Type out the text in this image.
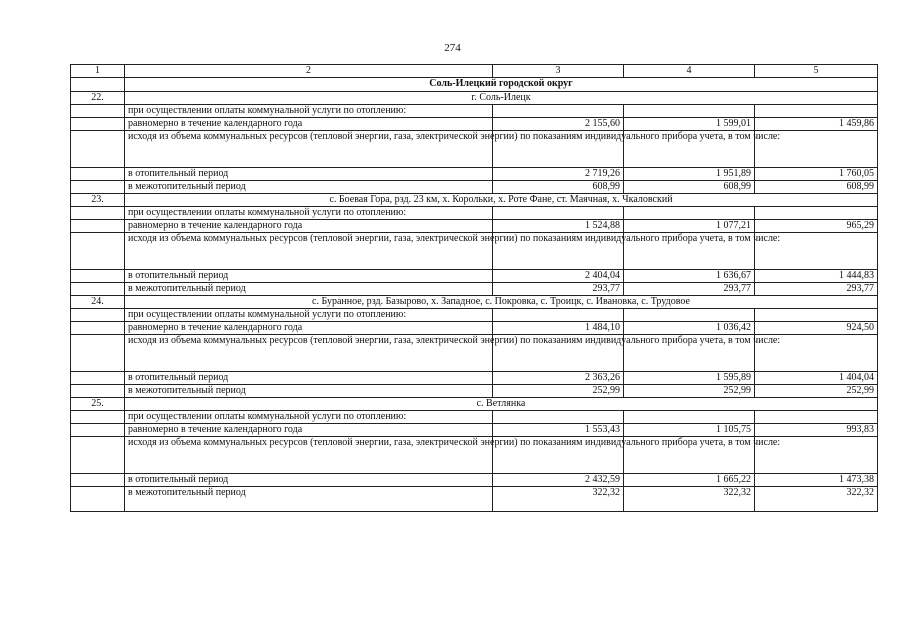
274
1	2	3	4	5
	Соль-Илецкий городской округ			
22.	г. Соль-Илецк			
	при осуществлении оплаты коммунальной услуги по отоплению:			
	равномерно в течение календарного года	2 155,60	1 599,01	1 459,86
	исходя из объема коммунальных ресурсов (тепловой энергии, газа, электрической энергии) по показаниям индивидуального прибора учета, в том числе:			
	в отопительный период	2 719,26	1 951,89	1 760,05
	в межотопительный период	608,99	608,99	608,99
23.	с. Боевая Гора, рзд. 23 км, х. Корольки, х. Роте Фане, ст. Маячная, х. Чкаловский			
	при осуществлении оплаты коммунальной услуги по отоплению:			
	равномерно в течение календарного года	1 524,88	1 077,21	965,29
	исходя из объема коммунальных ресурсов (тепловой энергии, газа, электрической энергии) по показаниям индивидуального прибора учета, в том числе:			
	в отопительный период	2 404,04	1 636,67	1 444,83
	в межотопительный период	293,77	293,77	293,77
24.	с. Буранное, рзд. Базырово, х. Западное, с. Покровка, с. Троицк, с. Ивановка, с. Трудовое			
	при осуществлении оплаты коммунальной услуги по отоплению:			
	равномерно в течение календарного года	1 484,10	1 036,42	924,50
	исходя из объема коммунальных ресурсов (тепловой энергии, газа, электрической энергии) по показаниям индивидуального прибора учета, в том числе:			
	в отопительный период	2 363,26	1 595,89	1 404,04
	в межотопительный период	252,99	252,99	252,99
25.	с. Ветлянка			
	при осуществлении оплаты коммунальной услуги по отоплению:			
	равномерно в течение календарного года	1 553,43	1 105,75	993,83
	исходя из объема коммунальных ресурсов (тепловой энергии, газа, электрической энергии) по показаниям индивидуального прибора учета, в том числе:			
	в отопительный период	2 432,59	1 665,22	1 473,38
	в межотопительный период	322,32	322,32	322,32
